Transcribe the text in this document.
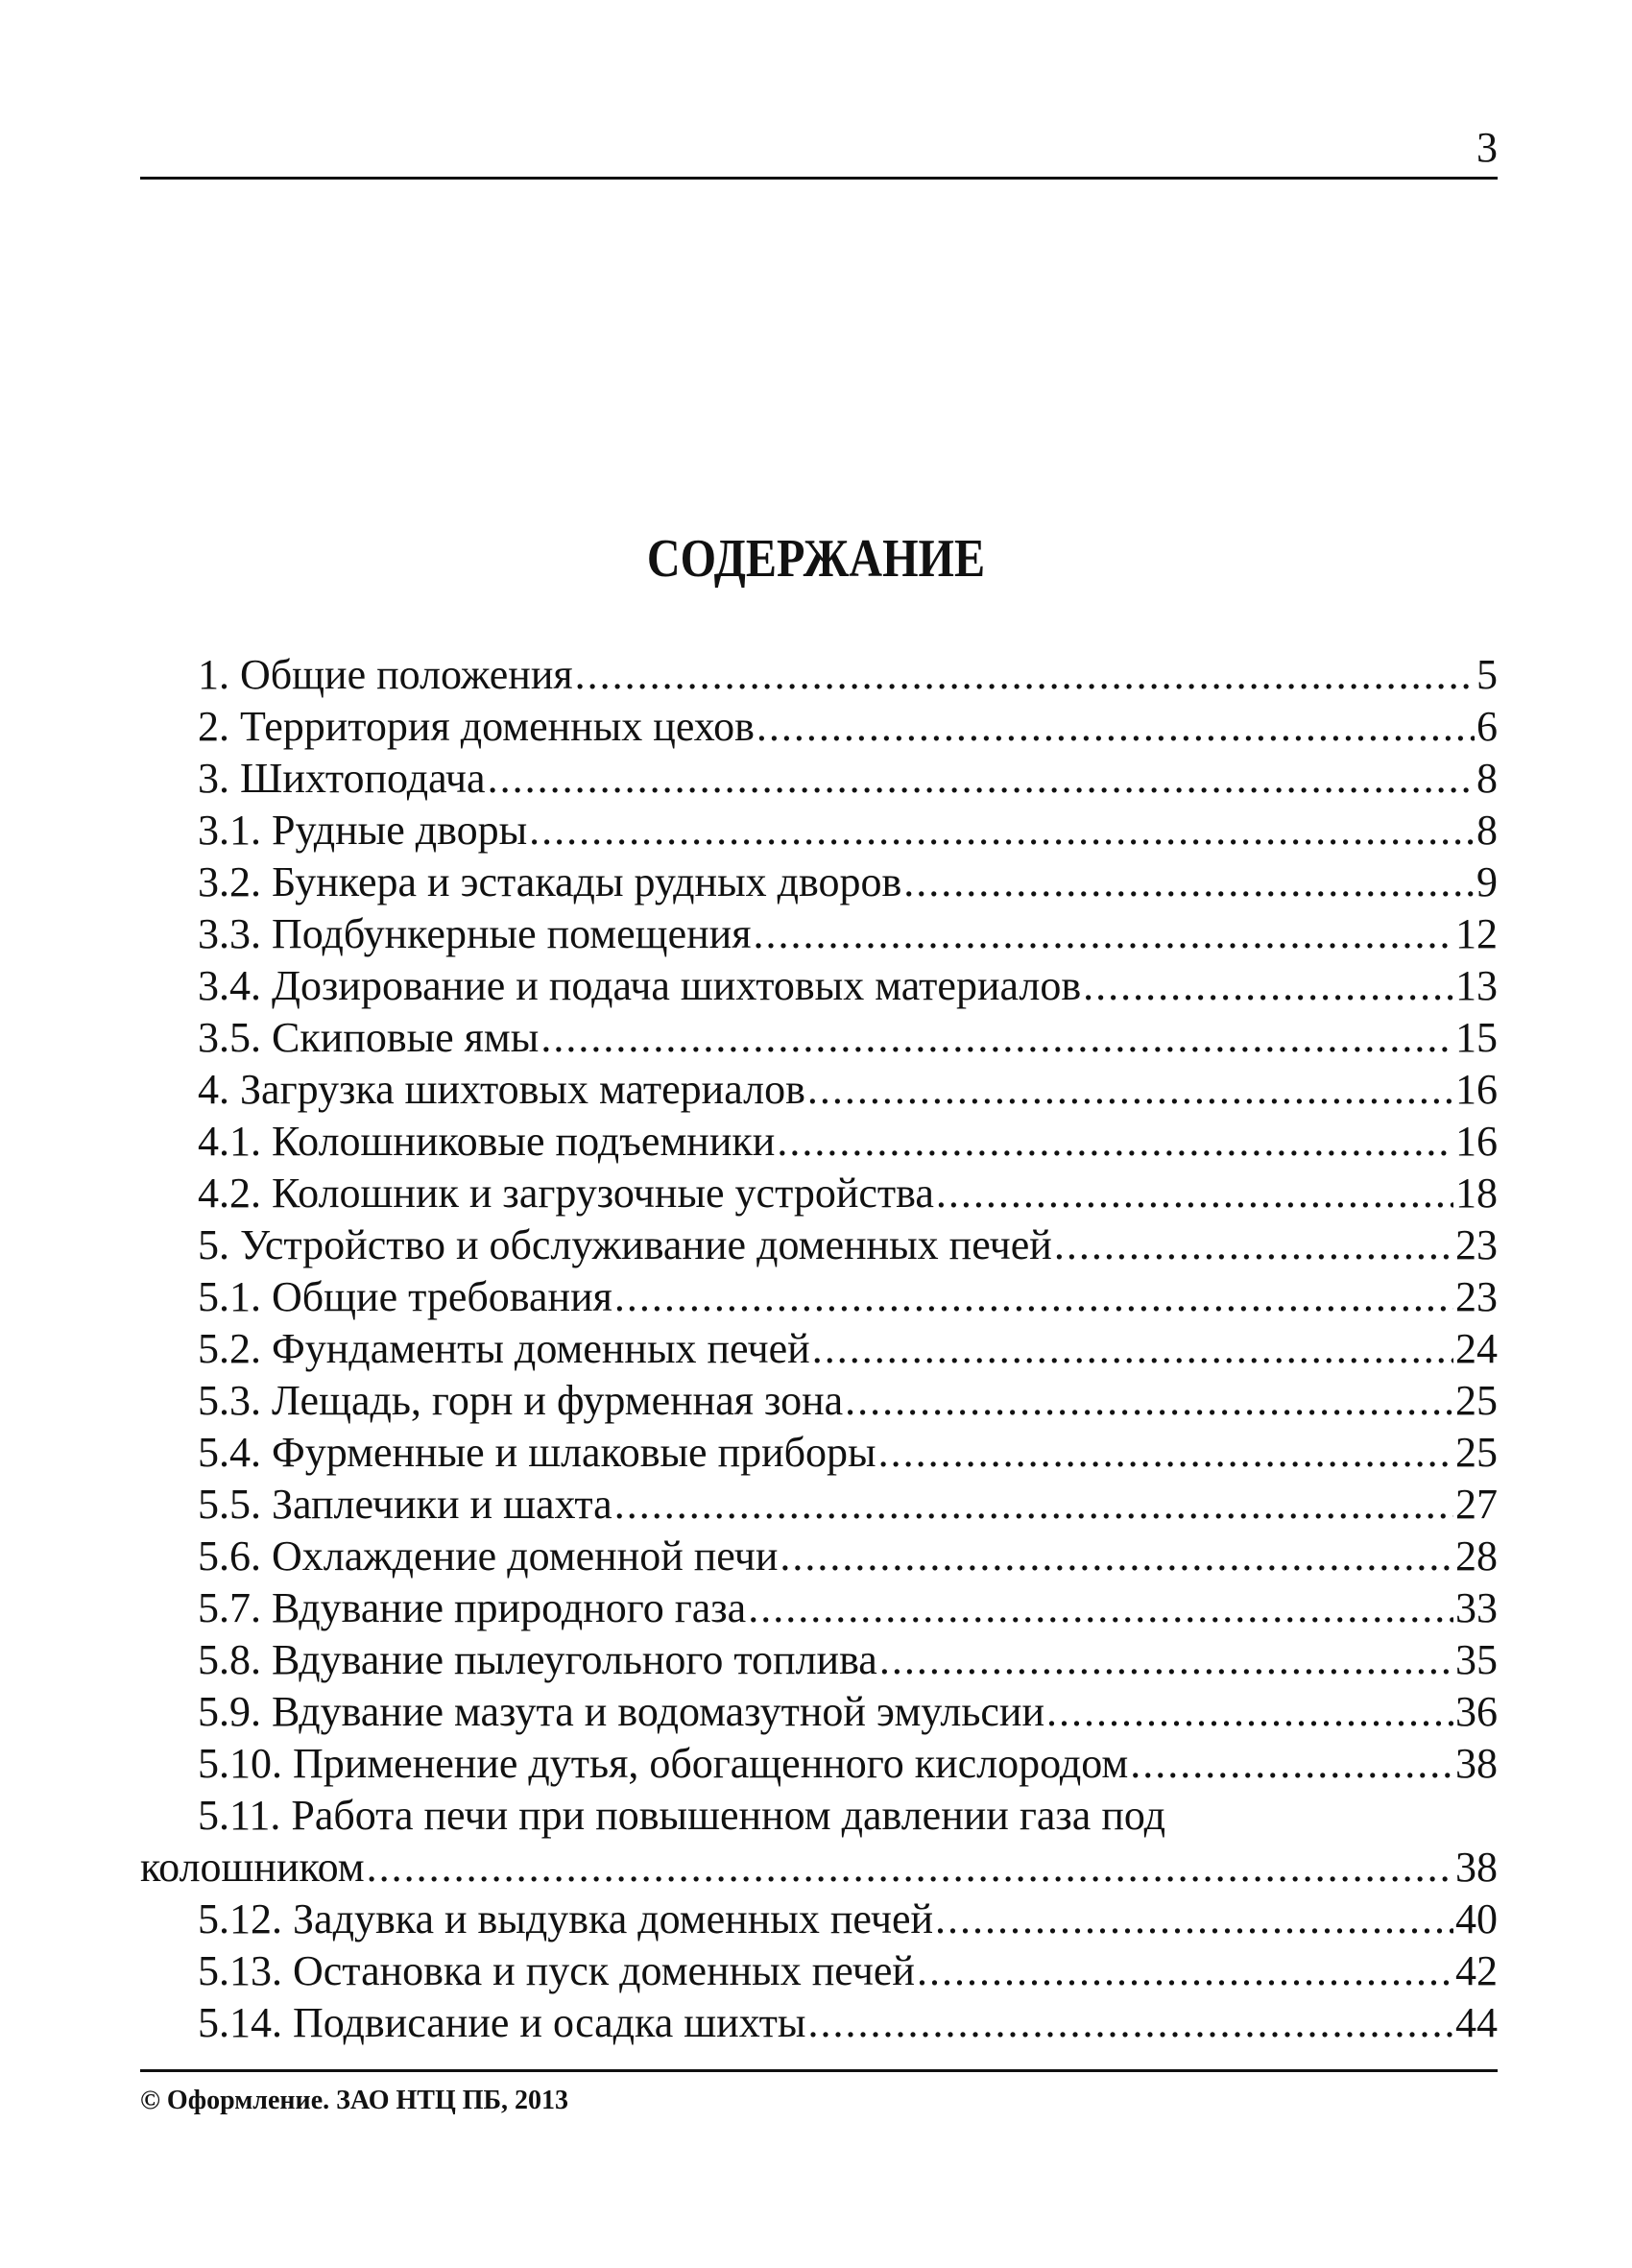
3
СОДЕРЖАНИЕ
1. Общие положения .....	5
2. Территория доменных цехов .....	6
3. Шихтоподача .....	8
3.1. Рудные дворы .....	8
3.2. Бункера и эстакады рудных дворов .....	9
3.3. Подбункерные помещения .....	12
3.4. Дозирование и подача шихтовых материалов .....	13
3.5. Скиповые ямы .....	15
4. Загрузка шихтовых материалов .....	16
4.1. Колошниковые подъемники .....	16
4.2. Колошник и загрузочные устройства .....	18
5. Устройство и обслуживание доменных печей .....	23
5.1. Общие требования .....	23
5.2. Фундаменты доменных печей .....	24
5.3. Лещадь, горн и фурменная зона .....	25
5.4. Фурменные и шлаковые приборы .....	25
5.5. Заплечики и шахта .....	27
5.6. Охлаждение доменной печи .....	28
5.7. Вдувание природного газа .....	33
5.8. Вдувание пылеугольного топлива .....	35
5.9. Вдувание мазута и водомазутной эмульсии .....	36
5.10. Применение дутья, обогащенного кислородом .....	38
5.11. Работа печи при повышенном давлении газа под
колошником .....	38
5.12. Задувка и выдувка доменных печей .....	40
5.13. Остановка и пуск доменных печей .....	42
5.14. Подвисание и осадка шихты .....	44
© Оформление. ЗАО НТЦ ПБ, 2013
